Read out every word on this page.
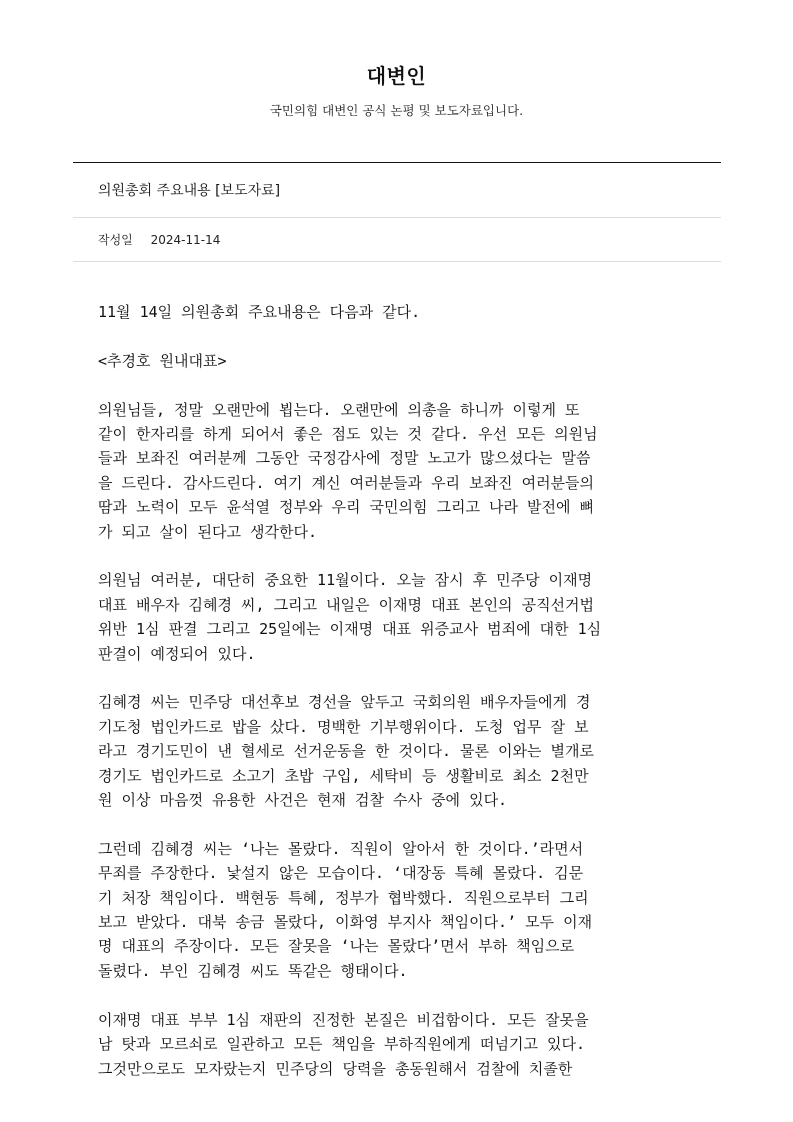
대변인
국민의힘 대변인 공식 논평 및 보도자료입니다.
의원총회 주요내용 [보도자료]
작성일 2024-11-14

11월 14일 의원총회 주요내용은 다음과 같다.

<추경호 원내대표>

의원님들, 정말 오랜만에 뵙는다. 오랜만에 의총을 하니까 이렇게 또
같이 한자리를 하게 되어서 좋은 점도 있는 것 같다. 우선 모든 의원님
들과 보좌진 여러분께 그동안 국정감사에 정말 노고가 많으셨다는 말씀
을 드린다. 감사드린다. 여기 계신 여러분들과 우리 보좌진 여러분들의
땀과 노력이 모두 윤석열 정부와 우리 국민의힘 그리고 나라 발전에 뼈
가 되고 살이 된다고 생각한다.

의원님 여러분, 대단히 중요한 11월이다. 오늘 잠시 후 민주당 이재명
대표 배우자 김혜경 씨, 그리고 내일은 이재명 대표 본인의 공직선거법
위반 1심 판결 그리고 25일에는 이재명 대표 위증교사 범죄에 대한 1심
판결이 예정되어 있다.

김혜경 씨는 민주당 대선후보 경선을 앞두고 국회의원 배우자들에게 경
기도청 법인카드로 밥을 샀다. 명백한 기부행위이다. 도청 업무 잘 보
라고 경기도민이 낸 혈세로 선거운동을 한 것이다. 물론 이와는 별개로
경기도 법인카드로 소고기 초밥 구입, 세탁비 등 생활비로 최소 2천만
원 이상 마음껏 유용한 사건은 현재 검찰 수사 중에 있다.

그런데 김혜경 씨는 ‘나는 몰랐다. 직원이 알아서 한 것이다.’라면서
무죄를 주장한다. 낯설지 않은 모습이다. ‘대장동 특혜 몰랐다. 김문
기 처장 책임이다. 백현동 특혜, 정부가 협박했다. 직원으로부터 그리
보고 받았다. 대북 송금 몰랐다, 이화영 부지사 책임이다.’ 모두 이재
명 대표의 주장이다. 모든 잘못을 ‘나는 몰랐다’면서 부하 책임으로
돌렸다. 부인 김혜경 씨도 똑같은 행태이다.

이재명 대표 부부 1심 재판의 진정한 본질은 비겁함이다. 모든 잘못을
남 탓과 모르쇠로 일관하고 모든 책임을 부하직원에게 떠넘기고 있다.
그것만으로도 모자랐는지 민주당의 당력을 총동원해서 검찰에 치졸한
